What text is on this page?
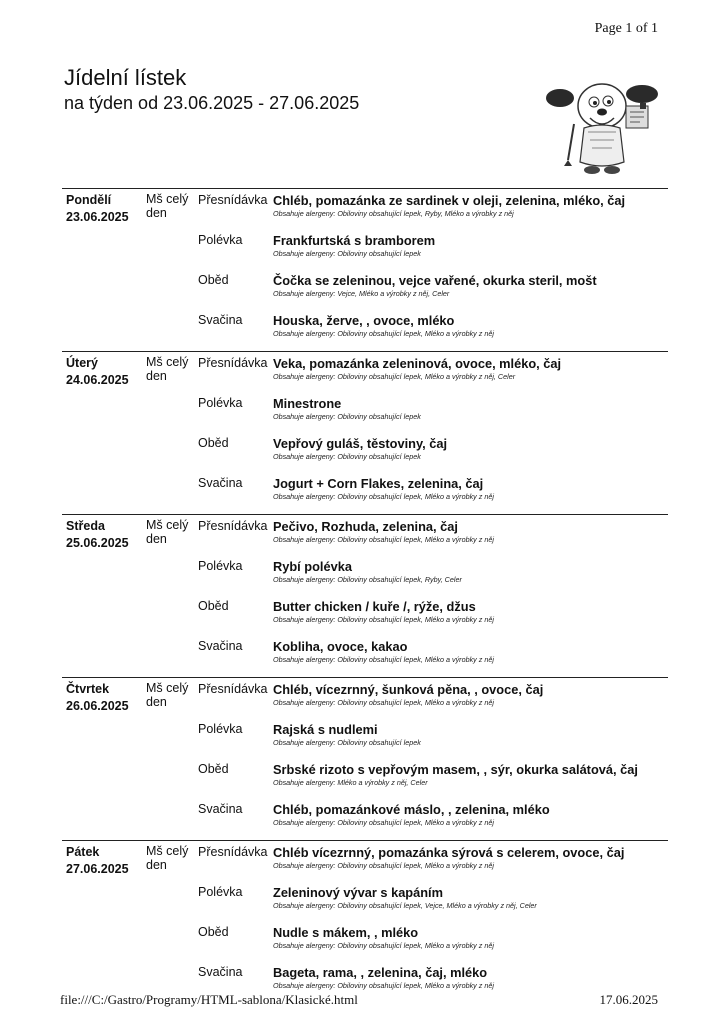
Page 1 of 1
Jídelní lístek
na týden od 23.06.2025 - 27.06.2025
Pondělí
23.06.2025
Mš celý den
Přesnídávka Chléb, pomazánka ze sardinek v oleji, zelenina, mléko, čaj
Obsahuje alergeny: Obiloviny obsahující lepek, Ryby, Mléko a výrobky z něj
Polévka Frankfurtská s bramborem
Obsahuje alergeny: Obiloviny obsahující lepek
Oběd	Čočka se zeleninou, vejce vařené, okurka steril, mošt
Obsahuje alergeny: Vejce, Mléko a výrobky z něj, Celer
Svačina Houska, žerve, , ovoce, mléko
Obsahuje alergeny: Obiloviny obsahující lepek, Mléko a výrobky z něj
Úterý
24.06.2025
Mš celý den
Přesnídávka Veka, pomazánka zeleninová, ovoce, mléko, čaj
Obsahuje alergeny: Obiloviny obsahující lepek, Mléko a výrobky z něj, Celer
Polévka Minestrone
Obsahuje alergeny: Obiloviny obsahující lepek
Oběd	Vepřový guláš, těstoviny, čaj
Obsahuje alergeny: Obiloviny obsahující lepek
Svačina Jogurt + Corn Flakes, zelenina, čaj
Obsahuje alergeny: Obiloviny obsahující lepek, Mléko a výrobky z něj
Středa
25.06.2025
Mš celý den
Přesnídávka Pečivo, Rozhuda, zelenina, čaj
Obsahuje alergeny: Obiloviny obsahující lepek, Mléko a výrobky z něj
Polévka Rybí polévka
Obsahuje alergeny: Obiloviny obsahující lepek, Ryby, Celer
Oběd	Butter chicken / kuře /, rýže, džus
Obsahuje alergeny: Obiloviny obsahující lepek, Mléko a výrobky z něj
Svačina Kobliha, ovoce, kakao
Obsahuje alergeny: Obiloviny obsahující lepek, Mléko a výrobky z něj
Čtvrtek
26.06.2025
Mš celý den
Přesnídávka Chléb, vícezrnný, šunková pěna, , ovoce, čaj
Obsahuje alergeny: Obiloviny obsahující lepek, Mléko a výrobky z něj
Polévka Rajská s nudlemi
Obsahuje alergeny: Obiloviny obsahující lepek
Oběd	Srbské rizoto s vepřovým masem, , sýr, okurka salátová, čaj
Obsahuje alergeny: Mléko a výrobky z něj, Celer
Svačina Chléb, pomazánkové máslo, , zelenina, mléko
Obsahuje alergeny: Obiloviny obsahující lepek, Mléko a výrobky z něj
Pátek
27.06.2025
Mš celý den
Přesnídávka Chléb vícezrnný, pomazánka sýrová s celerem, ovoce, čaj
Obsahuje alergeny: Obiloviny obsahující lepek, Mléko a výrobky z něj
Polévka Zeleninový vývar s kapáním
Obsahuje alergeny: Obiloviny obsahující lepek, Vejce, Mléko a výrobky z něj, Celer
Oběd	Nudle s mákem, , mléko
Obsahuje alergeny: Obiloviny obsahující lepek, Mléko a výrobky z něj
Svačina Bageta, rama, , zelenina, čaj, mléko
Obsahuje alergeny: Obiloviny obsahující lepek, Mléko a výrobky z něj
file:///C:/Gastro/Programy/HTML-sablona/Klasické.html	17.06.2025
